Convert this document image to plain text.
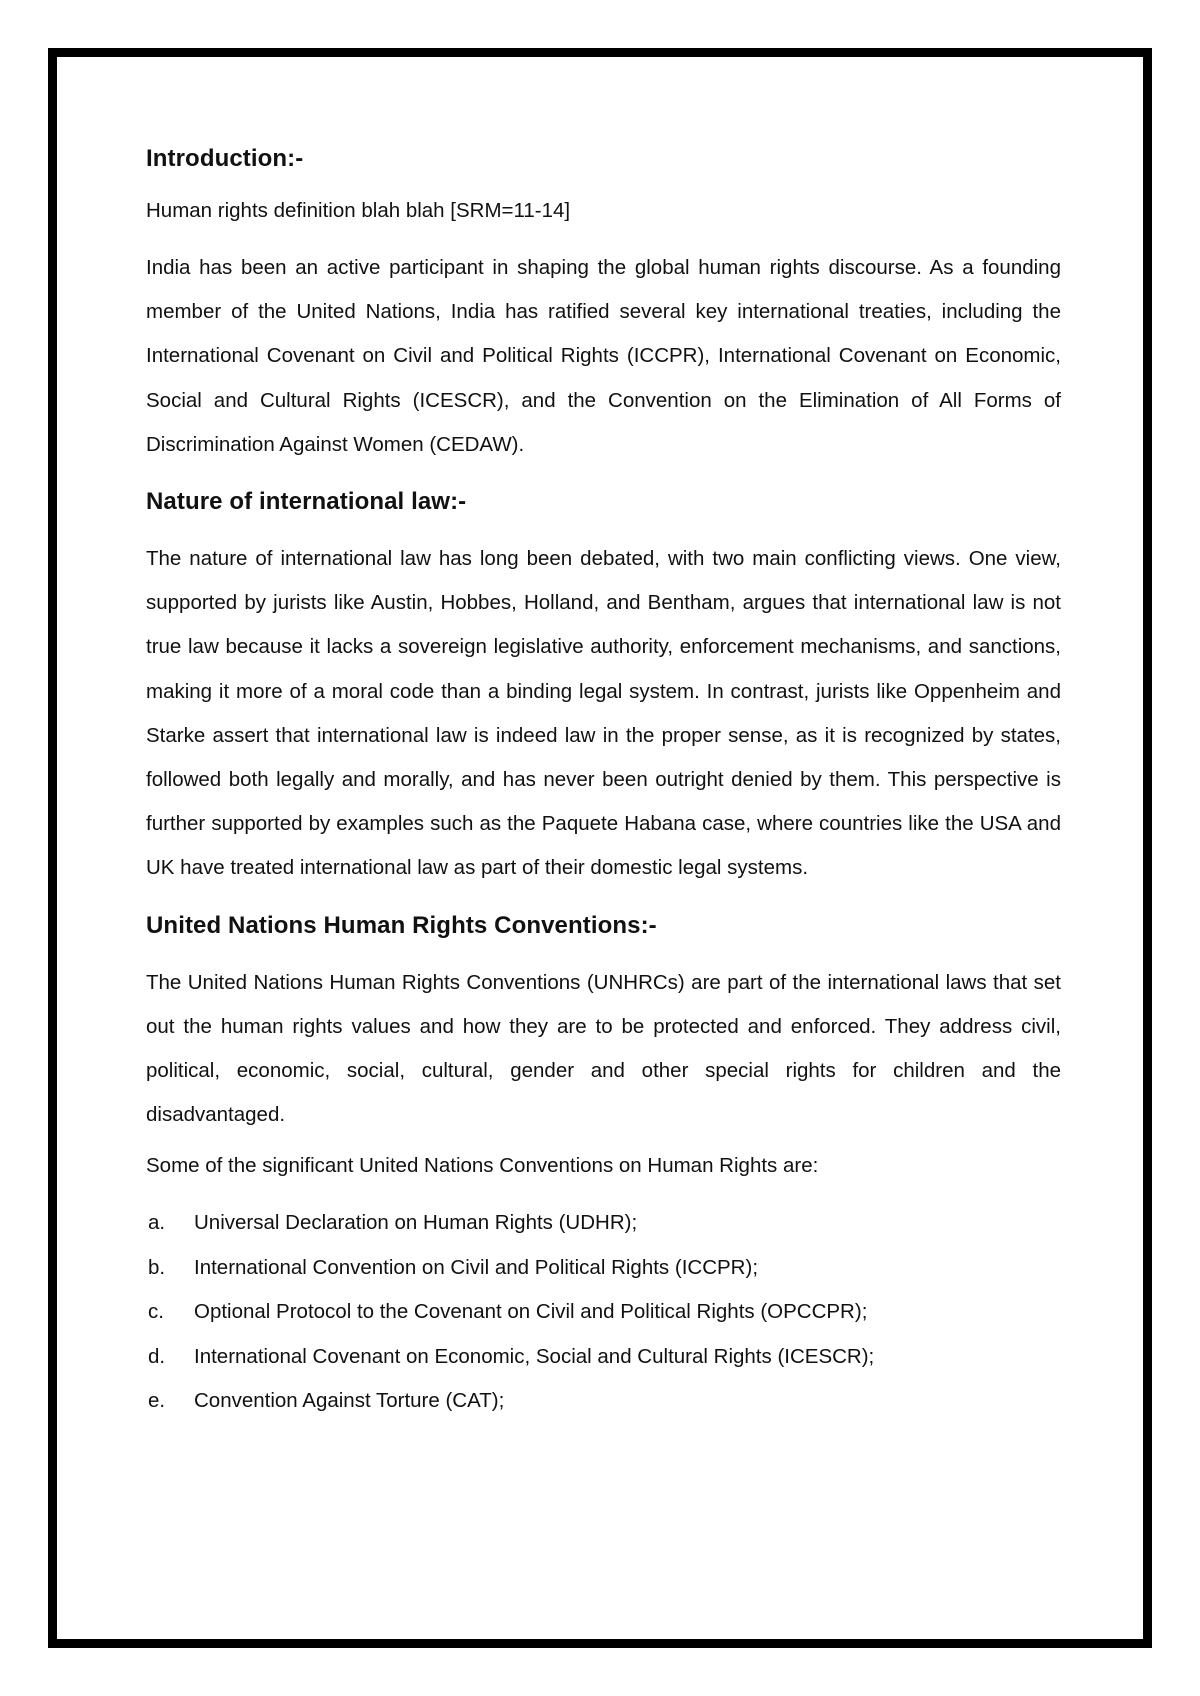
Introduction:-

Human rights definition blah blah [SRM=11-14]

India has been an active participant in shaping the global human rights discourse. As a founding member of the United Nations, India has ratified several key international treaties, including the International Covenant on Civil and Political Rights (ICCPR), International Covenant on Economic, Social and Cultural Rights (ICESCR), and the Convention on the Elimination of All Forms of Discrimination Against Women (CEDAW).

Nature of international law:-

The nature of international law has long been debated, with two main conflicting views. One view, supported by jurists like Austin, Hobbes, Holland, and Bentham, argues that international law is not true law because it lacks a sovereign legislative authority, enforcement mechanisms, and sanctions, making it more of a moral code than a binding legal system. In contrast, jurists like Oppenheim and Starke assert that international law is indeed law in the proper sense, as it is recognized by states, followed both legally and morally, and has never been outright denied by them. This perspective is further supported by examples such as the Paquete Habana case, where countries like the USA and UK have treated international law as part of their domestic legal systems.

United Nations Human Rights Conventions:-

The United Nations Human Rights Conventions (UNHRCs) are part of the international laws that set out the human rights values and how they are to be protected and enforced. They address civil, political, economic, social, cultural, gender and other special rights for children and the disadvantaged.

Some of the significant United Nations Conventions on Human Rights are:

a.	Universal Declaration on Human Rights (UDHR);
b.	International Convention on Civil and Political Rights (ICCPR);
c.	Optional Protocol to the Covenant on Civil and Political Rights (OPCCPR);
d.	International Covenant on Economic, Social and Cultural Rights (ICESCR);
e.	Convention Against Torture (CAT);
